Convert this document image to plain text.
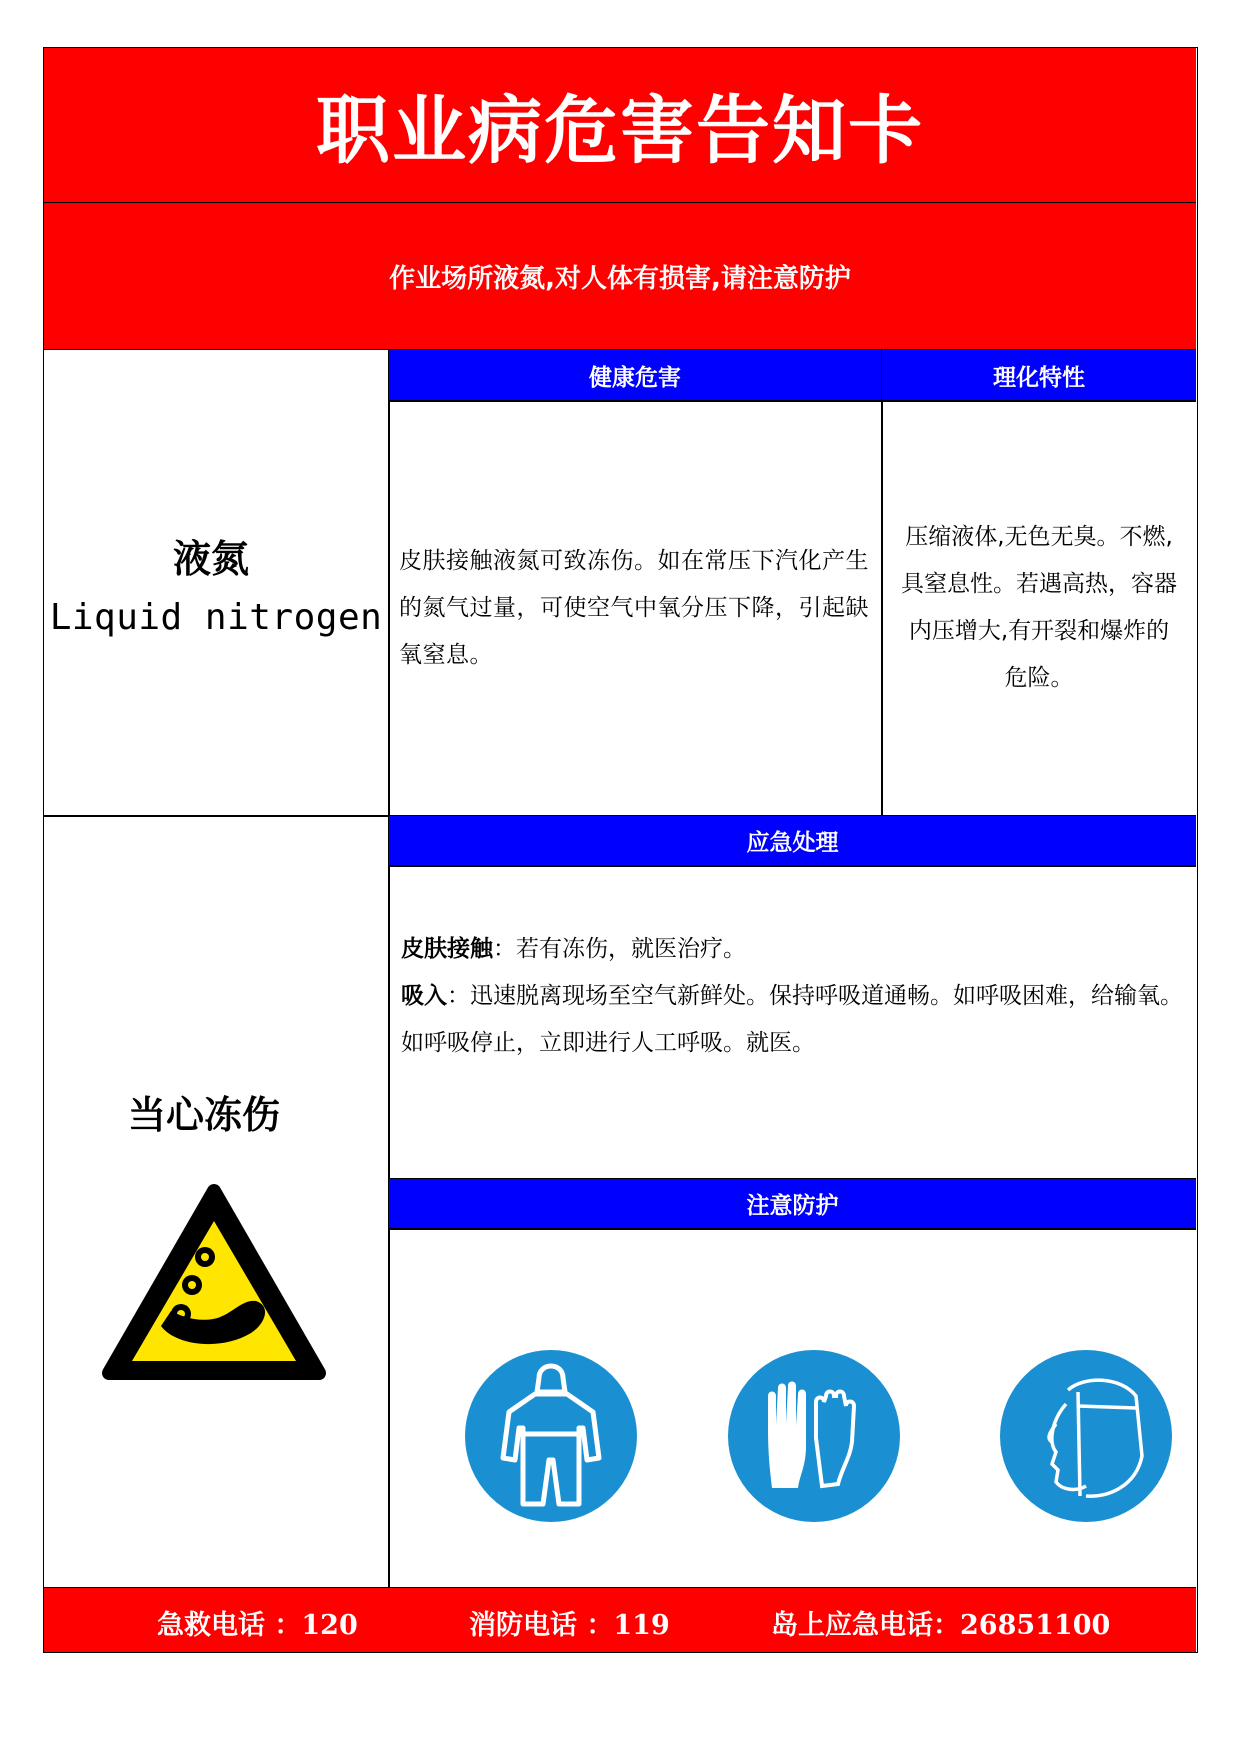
职业病危害告知卡
作业场所液氮,对人体有损害,请注意防护
液氮
Liquid nitrogen
健康危害
皮肤接触液氮可致冻伤。如在常压下汽化产生的氮气过量，可使空气中氧分压下降，引起缺氧窒息。
理化特性
压缩液体,无色无臭。不燃,
具窒息性。若遇高热，容器
内压增大,有开裂和爆炸的
危险。
当心冻伤
应急处理
皮肤接触：若有冻伤，就医治疗。
吸入：迅速脱离现场至空气新鲜处。保持呼吸道通畅。如呼吸困难，给输氧。如呼吸停止，立即进行人工呼吸。就医。
注意防护
急救电话 ：120	消防电话 ：119	岛上应急电话：26851100
